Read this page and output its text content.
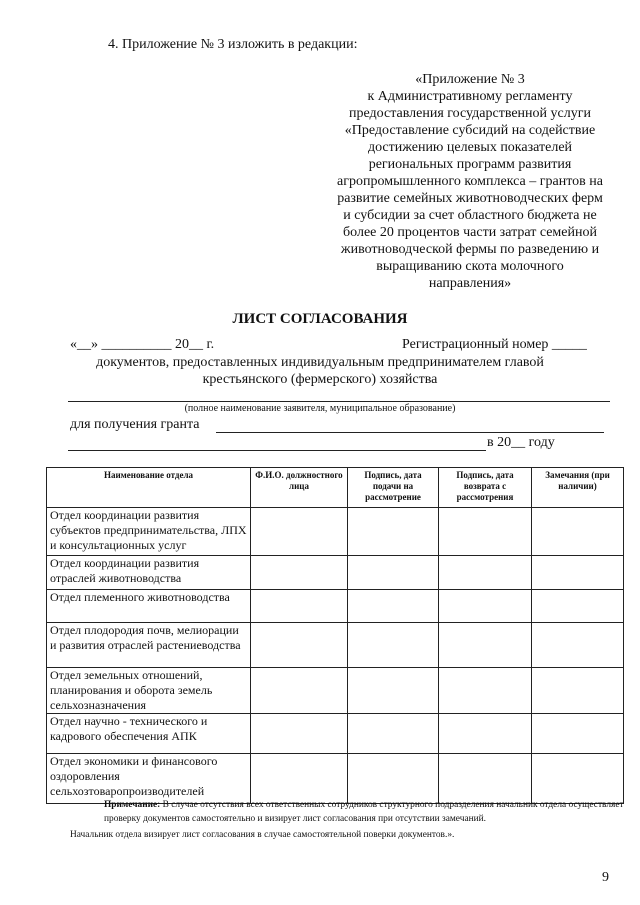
4. Приложение № 3 изложить в редакции:
«Приложение № 3
к Административному регламенту
предоставления государственной услуги
«Предоставление субсидий на содействие
достижению целевых показателей
региональных программ развития
агропромышленного комплекса – грантов на
развитие семейных животноводческих ферм
и субсидии за счет областного бюджета не
более 20 процентов части затрат семейной
животноводческой фермы по разведению и
выращиванию скота молочного
направления»
ЛИСТ СОГЛАСОВАНИЯ
«__» __________ 20__ г.	Регистрационный номер _____
документов, предоставленных индивидуальным предпринимателем главой
крестьянского (фермерского) хозяйства
(полное наименование заявителя, муниципальное образование)
для получения гранта
в 20__ году
Наименование отдела	Ф.И.О. должностного лица	Подпись, дата подачи на рассмотрение	Подпись, дата возврата с рассмотрения	Замечания (при наличии)
Отдел координации развития субъектов предпринимательства, ЛПХ и консультационных услуг				
Отдел координации развития отраслей животноводства				
Отдел племенного животноводства				
Отдел плодородия почв, мелиорации и развития отраслей растениеводства				
Отдел земельных отношений, планирования и оборота земель сельхозназначения				
Отдел научно - технического и кадрового обеспечения АПК				
Отдел экономики и финансового оздоровления сельхозтоваропроизводителей				
Примечание: В случае отсутствия всех ответственных сотрудников структурного подразделения начальник отдела осуществляет проверку документов самостоятельно и визирует лист согласования при отсутствии замечаний.
Начальник отдела визирует лист согласования в случае самостоятельной поверки документов.».
9
